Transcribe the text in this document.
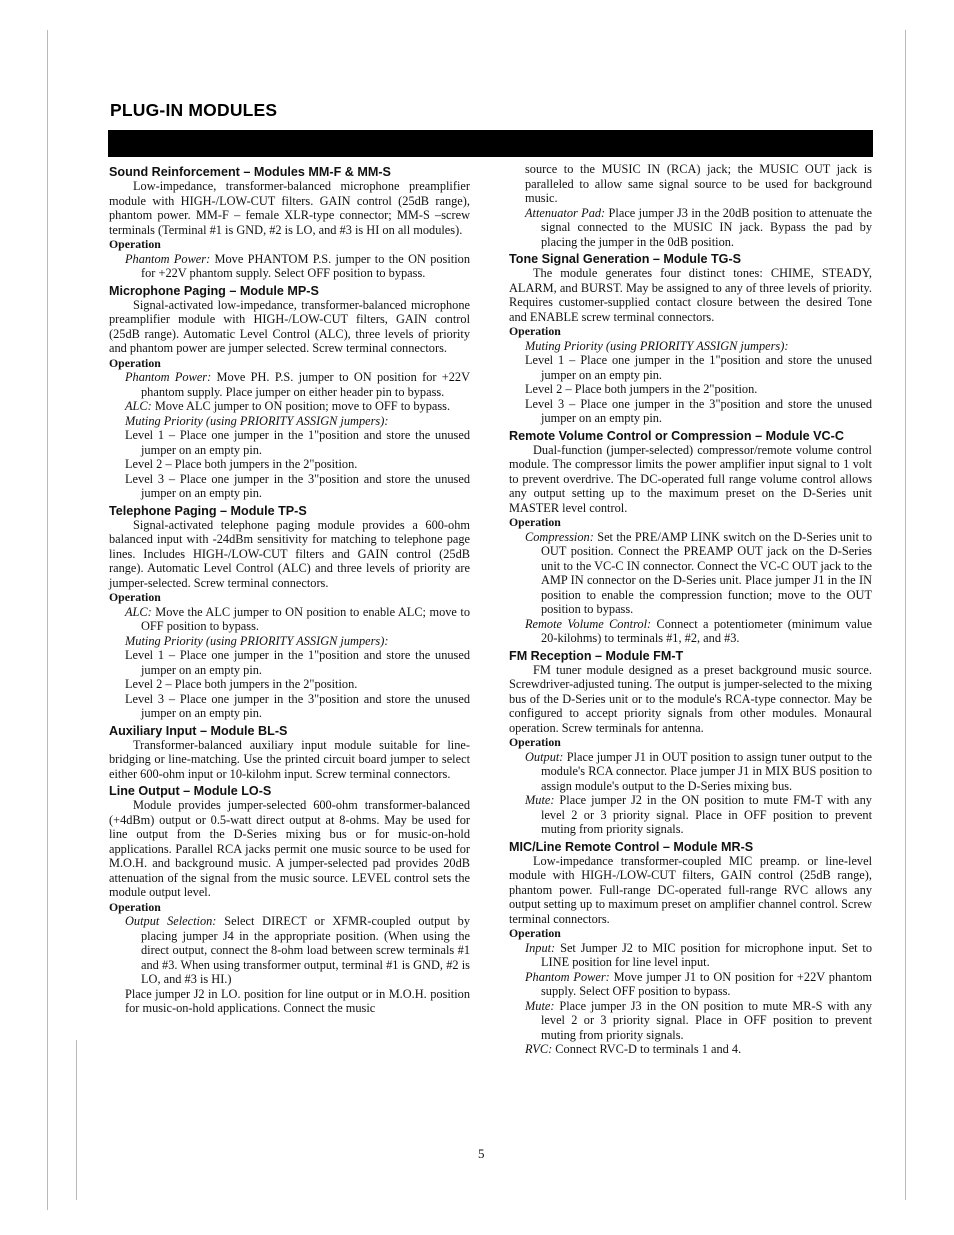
PLUG-IN MODULES
Sound Reinforcement – Modules MM-F & MM-S

Low-impedance, transformer-balanced microphone preamplifier module with HIGH-/LOW-CUT filters. GAIN control (25dB range), phantom power. MM-F – female XLR-type connector; MM-S –screw terminals (Terminal #1 is GND, #2 is LO, and #3 is HI on all modules).

Operation

Phantom Power: Move PHANTOM P.S. jumper to the ON position for +22V phantom supply. Select OFF position to bypass.

Microphone Paging – Module MP-S

Signal-activated low-impedance, transformer-balanced microphone preamplifier module with HIGH-/LOW-CUT filters, GAIN control (25dB range). Automatic Level Control (ALC), three levels of priority and phantom power are jumper selected. Screw terminal connectors.

Operation

Phantom Power: Move PH. P.S. jumper to ON position for +22V phantom supply. Place jumper on either header pin to bypass.

ALC: Move ALC jumper to ON position; move to OFF to bypass.

Muting Priority (using PRIORITY ASSIGN jumpers):

Level 1 – Place one jumper in the 1"position and store the unused jumper on an empty pin.

Level 2 – Place both jumpers in the 2"position.

Level 3 – Place one jumper in the 3"position and store the unused jumper on an empty pin.

Telephone Paging – Module TP-S

Signal-activated telephone paging module provides a 600-ohm balanced input with -24dBm sensitivity for matching to telephone page lines. Includes HIGH-/LOW-CUT filters and GAIN control (25dB range). Automatic Level Control (ALC) and three levels of priority are jumper-selected. Screw terminal connectors.

Operation

ALC: Move the ALC jumper to ON position to enable ALC; move to OFF position to bypass.

Muting Priority (using PRIORITY ASSIGN jumpers):

Level 1 – Place one jumper in the 1"position and store the unused jumper on an empty pin.

Level 2 – Place both jumpers in the 2"position.

Level 3 – Place one jumper in the 3"position and store the unused jumper on an empty pin.

Auxiliary Input – Module BL-S

Transformer-balanced auxiliary input module suitable for line-bridging or line-matching. Use the printed circuit board jumper to select either 600-ohm input or 10-kilohm input. Screw terminal connectors.

Line Output – Module LO-S

Module provides jumper-selected 600-ohm transformer-balanced (+4dBm) output or 0.5-watt direct output at 8-ohms. May be used for line output from the D-Series mixing bus or for music-on-hold applications. Parallel RCA jacks permit one music source to be used for M.O.H. and background music. A jumper-selected pad provides 20dB attenuation of the signal from the music source. LEVEL control sets the module output level.

Operation

Output Selection: Select DIRECT or XFMR-coupled output by placing jumper J4 in the appropriate position. (When using the direct output, connect the 8-ohm load between screw terminals #1 and #3. When using transformer output, terminal #1 is GND, #2 is LO, and #3 is HI.)

Place jumper J2 in LO. position for line output or in M.O.H. position for music-on-hold applications. Connect the music

source to the MUSIC IN (RCA) jack; the MUSIC OUT jack is paralleled to allow same signal source to be used for background music.

Attenuator Pad: Place jumper J3 in the 20dB position to attenuate the signal connected to the MUSIC IN jack. Bypass the pad by placing the jumper in the 0dB position.

Tone Signal Generation – Module TG-S

The module generates four distinct tones: CHIME, STEADY, ALARM, and BURST. May be assigned to any of three levels of priority. Requires customer-supplied contact closure between the desired Tone and ENABLE screw terminal connectors.

Operation

Muting Priority (using PRIORITY ASSIGN jumpers):

Level 1 – Place one jumper in the 1"position and store the unused jumper on an empty pin.

Level 2 – Place both jumpers in the 2"position.

Level 3 – Place one jumper in the 3"position and store the unused jumper on an empty pin.

Remote Volume Control or Compression – Module VC-C

Dual-function (jumper-selected) compressor/remote volume control module. The compressor limits the power amplifier input signal to 1 volt to prevent overdrive. The DC-operated full range volume control allows any output setting up to the maximum preset on the D-Series unit MASTER level control.

Operation

Compression: Set the PRE/AMP LINK switch on the D-Series unit to OUT position. Connect the PREAMP OUT jack on the D-Series unit to the VC-C IN connector. Connect the VC-C OUT jack to the AMP IN connector on the D-Series unit. Place jumper J1 in the IN position to enable the compression function; move to the OUT position to bypass.

Remote Volume Control: Connect a potentiometer (minimum value 20-kilohms) to terminals #1, #2, and #3.

FM Reception – Module FM-T

FM tuner module designed as a preset background music source. Screwdriver-adjusted tuning. The output is jumper-selected to the mixing bus of the D-Series unit or to the module's RCA-type connector. May be configured to accept priority signals from other modules. Monaural operation. Screw terminals for antenna.

Operation

Output: Place jumper J1 in OUT position to assign tuner output to the module's RCA connector. Place jumper J1 in MIX BUS position to assign module's output to the D-Series mixing bus.

Mute: Place jumper J2 in the ON position to mute FM-T with any level 2 or 3 priority signal. Place in OFF position to prevent muting from priority signals.

MIC/Line Remote Control – Module MR-S

Low-impedance transformer-coupled MIC preamp. or line-level module with HIGH-/LOW-CUT filters, GAIN control (25dB range), phantom power. Full-range DC-operated full-range RVC allows any output setting up to maximum preset on amplifier channel control. Screw terminal connectors.

Operation

Input: Set Jumper J2 to MIC position for microphone input. Set to LINE position for line level input.

Phantom Power: Move jumper J1 to ON position for +22V phantom supply. Select OFF position to bypass.

Mute: Place jumper J3 in the ON position to mute MR-S with any level 2 or 3 priority signal. Place in OFF position to prevent muting from priority signals.

RVC: Connect RVC-D to terminals 1 and 4.

5
